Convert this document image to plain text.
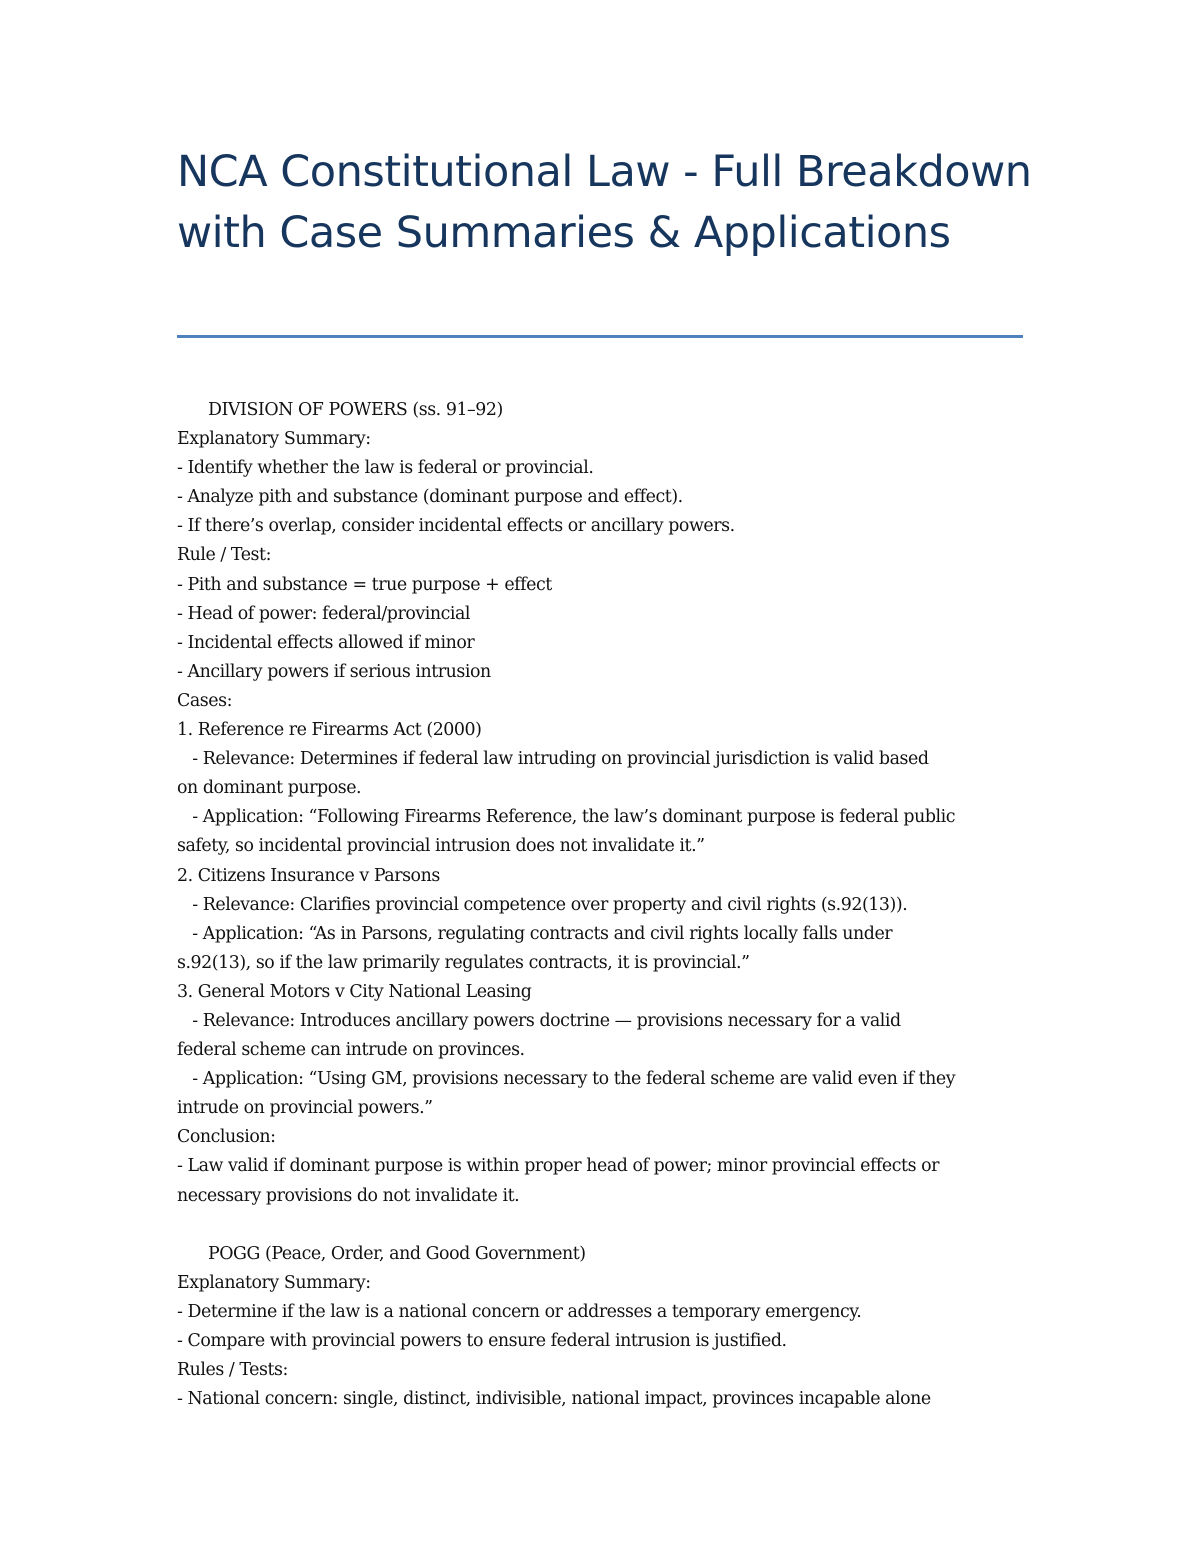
NCA Constitutional Law - Full Breakdown with Case Summaries & Applications
DIVISION OF POWERS (ss. 91–92)
Explanatory Summary:
- Identify whether the law is federal or provincial.
- Analyze pith and substance (dominant purpose and effect).
- If there’s overlap, consider incidental effects or ancillary powers.
Rule / Test:
- Pith and substance = true purpose + effect
- Head of power: federal/provincial
- Incidental effects allowed if minor
- Ancillary powers if serious intrusion
Cases:
1. Reference re Firearms Act (2000)
- Relevance: Determines if federal law intruding on provincial jurisdiction is valid based
on dominant purpose.
- Application: “Following Firearms Reference, the law’s dominant purpose is federal public
safety, so incidental provincial intrusion does not invalidate it.”
2. Citizens Insurance v Parsons
- Relevance: Clarifies provincial competence over property and civil rights (s.92(13)).
- Application: “As in Parsons, regulating contracts and civil rights locally falls under
s.92(13), so if the law primarily regulates contracts, it is provincial.”
3. General Motors v City National Leasing
- Relevance: Introduces ancillary powers doctrine — provisions necessary for a valid
federal scheme can intrude on provinces.
- Application: “Using GM, provisions necessary to the federal scheme are valid even if they
intrude on provincial powers.”
Conclusion:
- Law valid if dominant purpose is within proper head of power; minor provincial effects or
necessary provisions do not invalidate it.
POGG (Peace, Order, and Good Government)
Explanatory Summary:
- Determine if the law is a national concern or addresses a temporary emergency.
- Compare with provincial powers to ensure federal intrusion is justified.
Rules / Tests:
- National concern: single, distinct, indivisible, national impact, provinces incapable alone
